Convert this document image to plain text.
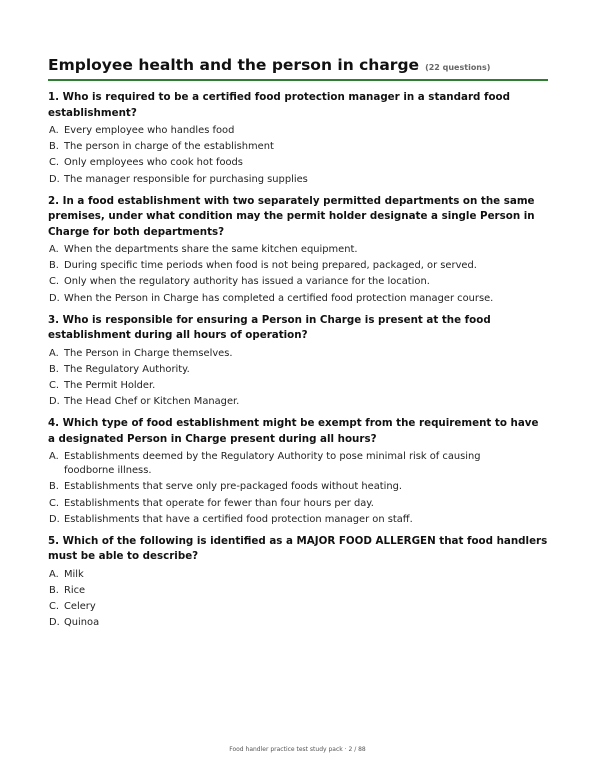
Employee health and the person in charge (22 questions)
1. Who is required to be a certified food protection manager in a standard food establishment?
A. Every employee who handles food
B. The person in charge of the establishment
C. Only employees who cook hot foods
D. The manager responsible for purchasing supplies
2. In a food establishment with two separately permitted departments on the same premises, under what condition may the permit holder designate a single Person in Charge for both departments?
A. When the departments share the same kitchen equipment.
B. During specific time periods when food is not being prepared, packaged, or served.
C. Only when the regulatory authority has issued a variance for the location.
D. When the Person in Charge has completed a certified food protection manager course.
3. Who is responsible for ensuring a Person in Charge is present at the food establishment during all hours of operation?
A. The Person in Charge themselves.
B. The Regulatory Authority.
C. The Permit Holder.
D. The Head Chef or Kitchen Manager.
4. Which type of food establishment might be exempt from the requirement to have a designated Person in Charge present during all hours?
A. Establishments deemed by the Regulatory Authority to pose minimal risk of causing foodborne illness.
B. Establishments that serve only pre-packaged foods without heating.
C. Establishments that operate for fewer than four hours per day.
D. Establishments that have a certified food protection manager on staff.
5. Which of the following is identified as a MAJOR FOOD ALLERGEN that food handlers must be able to describe?
A. Milk
B. Rice
C. Celery
D. Quinoa
Food handler practice test study pack · 2 / 88
